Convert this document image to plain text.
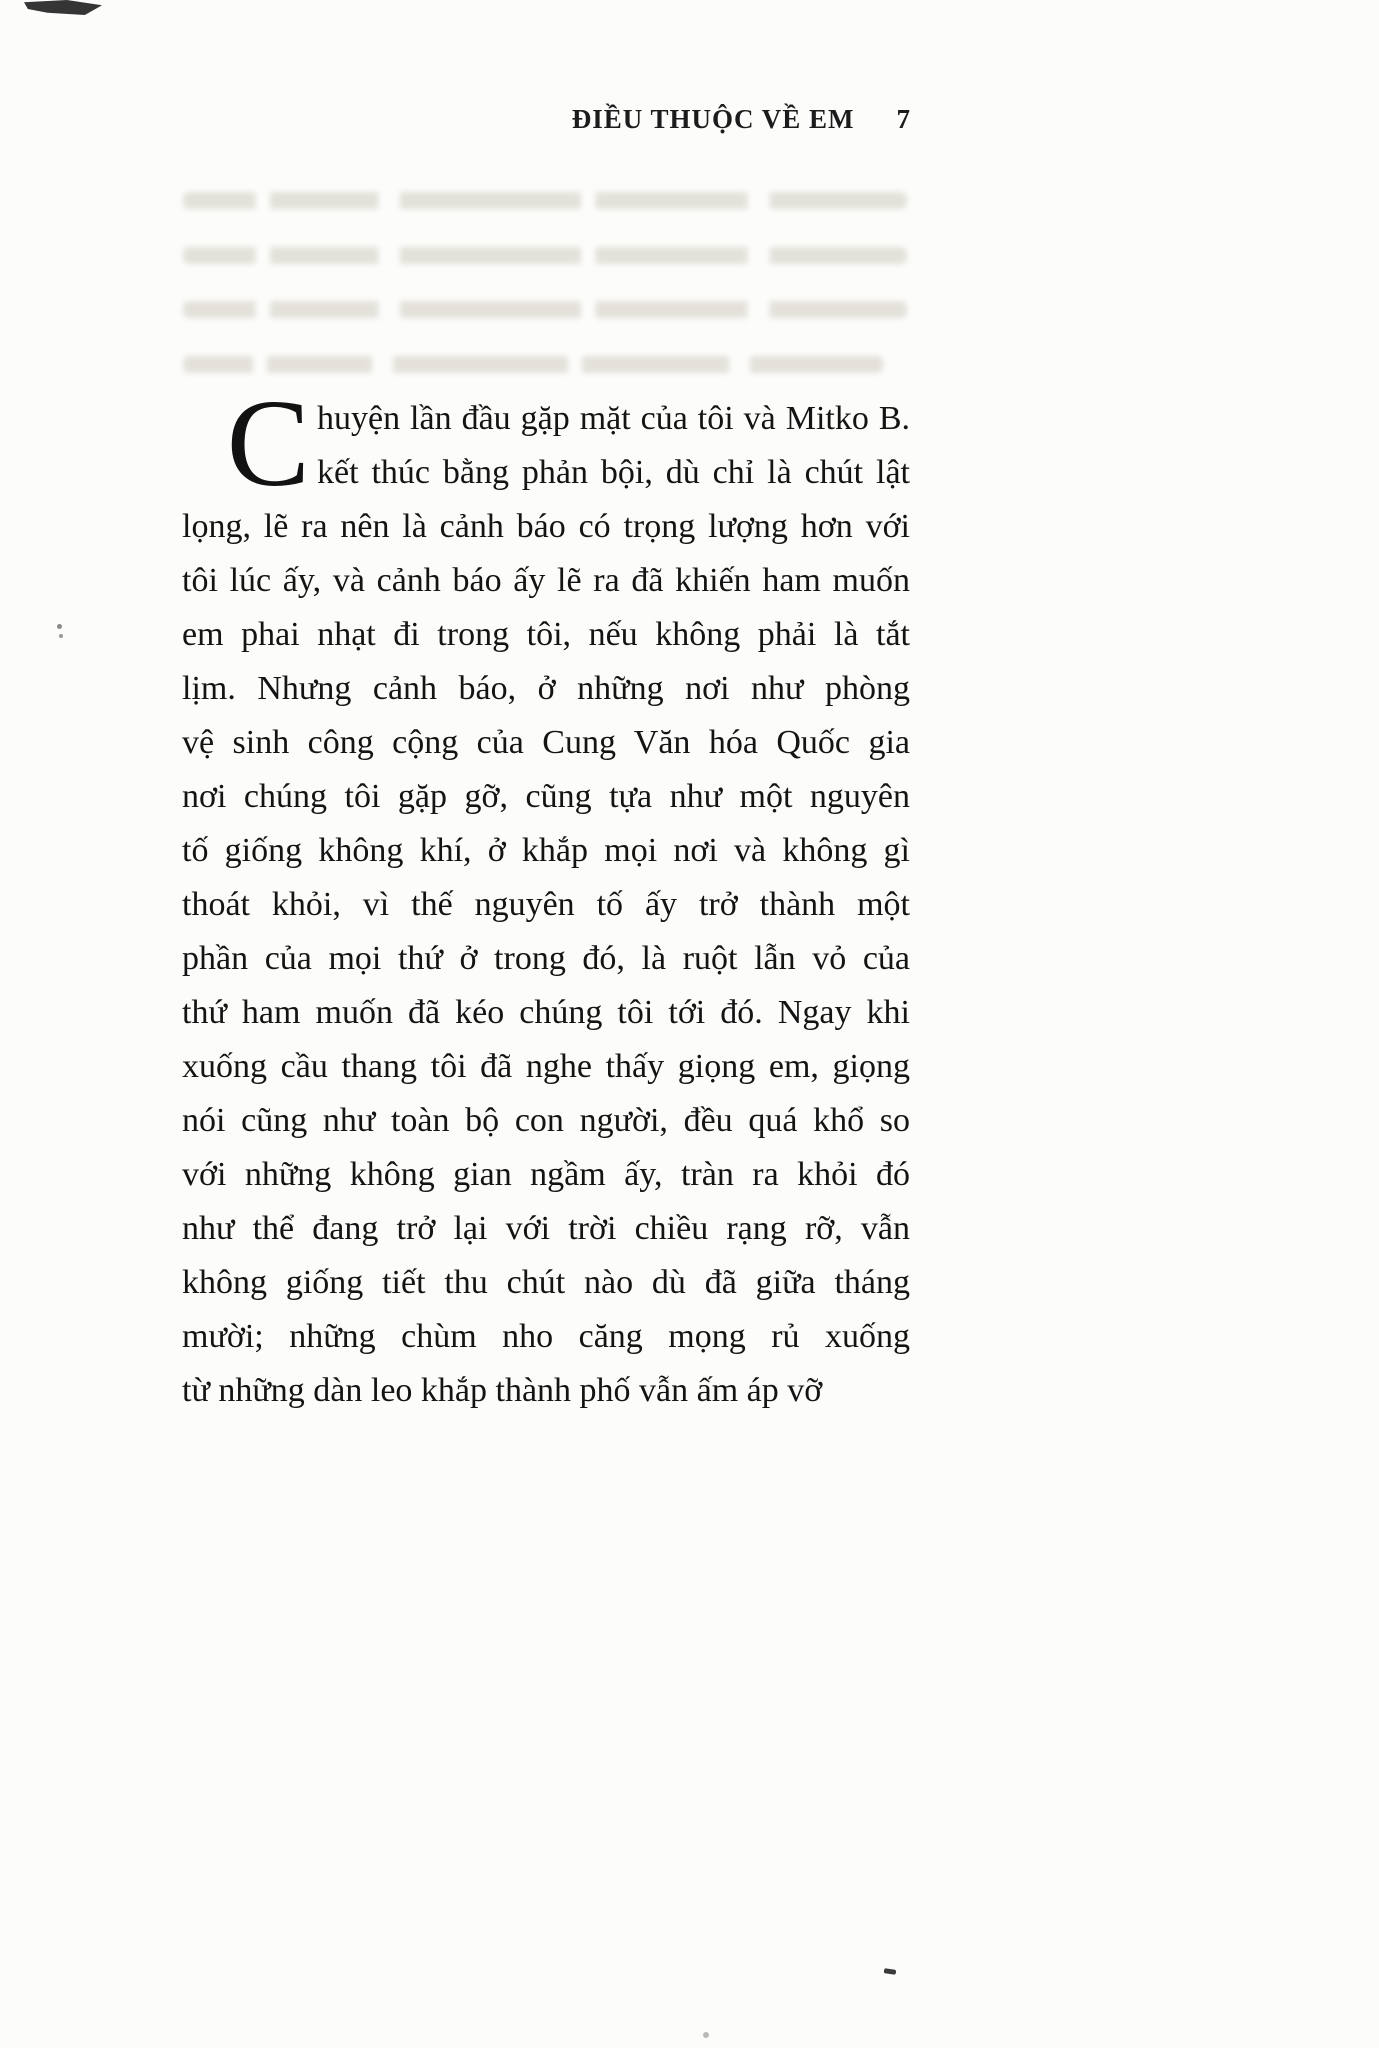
ĐIỀU THUỘC VỀ EM 7
C huyện lần đầu gặp mặt của tôi và Mitko B.
kết thúc bằng phản bội, dù chỉ là chút lật
lọng, lẽ ra nên là cảnh báo có trọng lượng hơn với
tôi lúc ấy, và cảnh báo ấy lẽ ra đã khiến ham muốn
em phai nhạt đi trong tôi, nếu không phải là tắt
lịm. Nhưng cảnh báo, ở những nơi như phòng
vệ sinh công cộng của Cung Văn hóa Quốc gia
nơi chúng tôi gặp gỡ, cũng tựa như một nguyên
tố giống không khí, ở khắp mọi nơi và không gì
thoát khỏi, vì thế nguyên tố ấy trở thành một
phần của mọi thứ ở trong đó, là ruột lẫn vỏ của
thứ ham muốn đã kéo chúng tôi tới đó. Ngay khi
xuống cầu thang tôi đã nghe thấy giọng em, giọng
nói cũng như toàn bộ con người, đều quá khổ so
với những không gian ngầm ấy, tràn ra khỏi đó
như thể đang trở lại với trời chiều rạng rỡ, vẫn
không giống tiết thu chút nào dù đã giữa tháng
mười; những chùm nho căng mọng rủ xuống
từ những dàn leo khắp thành phố vẫn ấm áp vỡ
